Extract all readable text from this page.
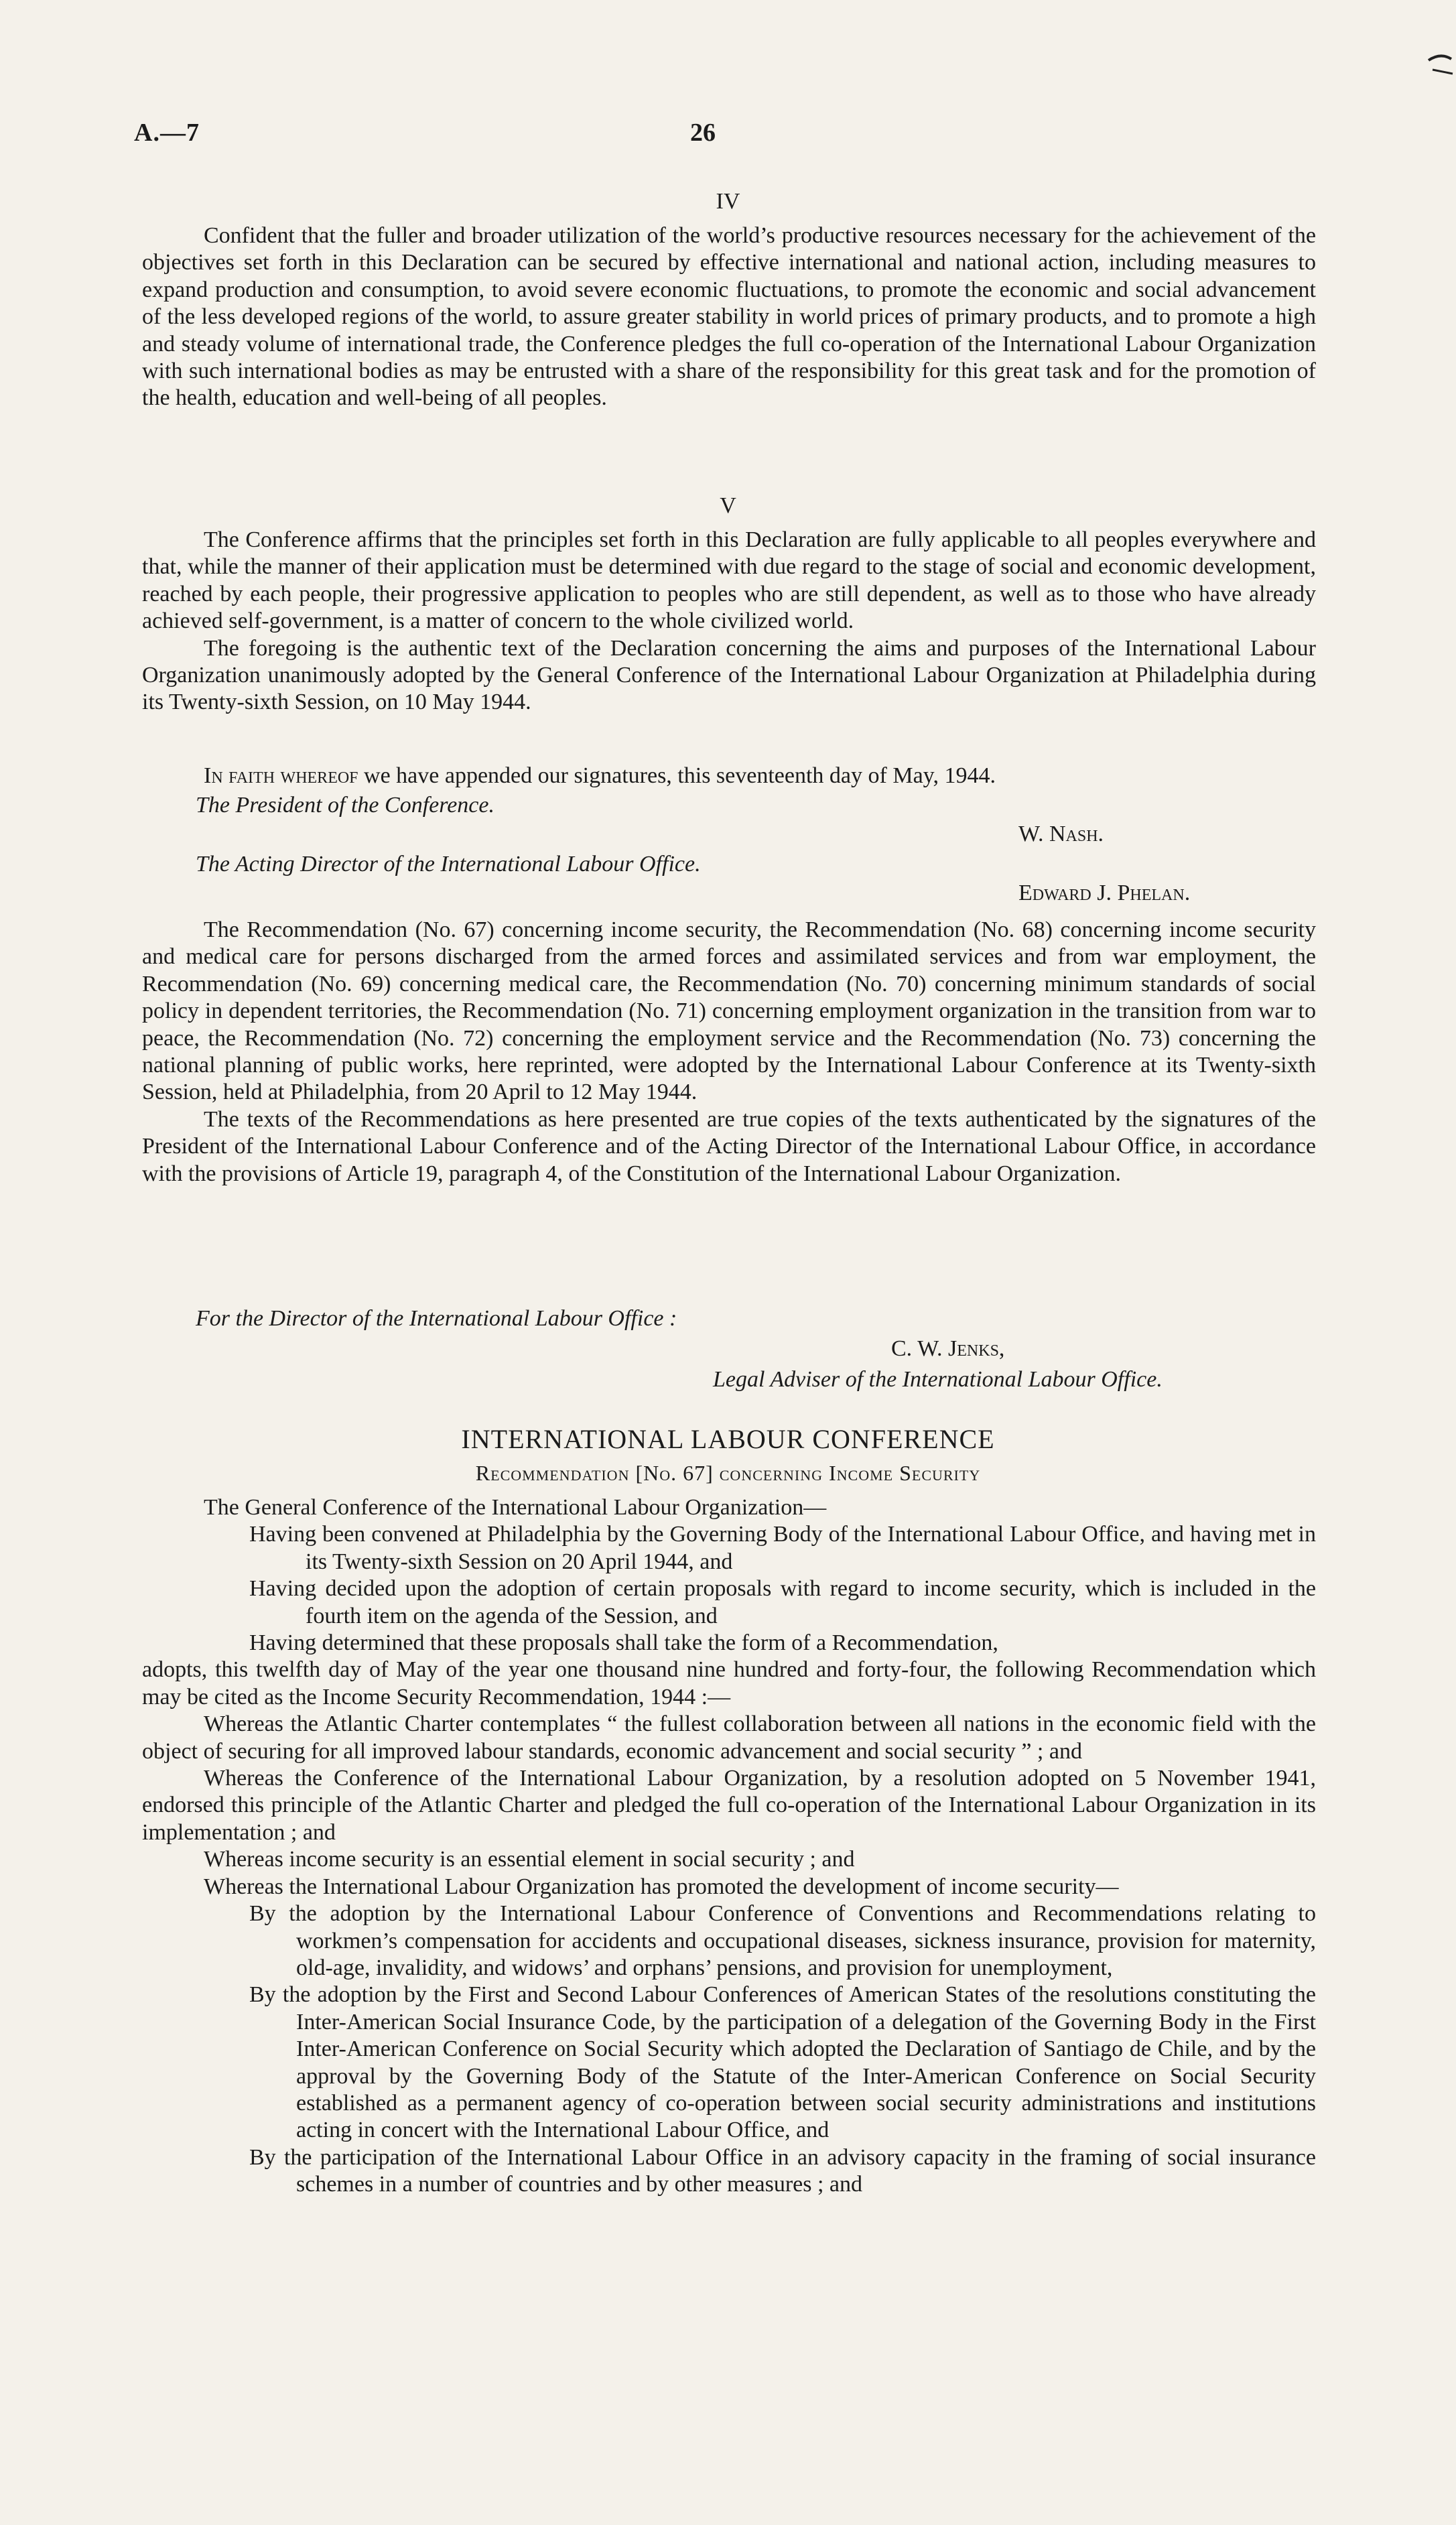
A.—7	26
IV

Confident that the fuller and broader utilization of the world’s productive resources necessary for the achievement of the objectives set forth in this Declaration can be secured by effective international and national action, including measures to expand production and consumption, to avoid severe economic fluctuations, to promote the economic and social advancement of the less developed regions of the world, to assure greater stability in world prices of primary products, and to promote a high and steady volume of international trade, the Conference pledges the full co-operation of the International Labour Organization with such international bodies as may be entrusted with a share of the responsibility for this great task and for the promotion of the health, education and well-being of all peoples.

V

The Conference affirms that the principles set forth in this Declaration are fully applicable to all peoples everywhere and that, while the manner of their application must be determined with due regard to the stage of social and economic development, reached by each people, their progressive application to peoples who are still dependent, as well as to those who have already achieved self-government, is a matter of concern to the whole civilized world.

The foregoing is the authentic text of the Declaration concerning the aims and purposes of the International Labour Organization unanimously adopted by the General Conference of the International Labour Organization at Philadelphia during its Twenty-sixth Session, on 10 May 1944.

In faith whereof we have appended our signatures, this seventeenth day of May, 1944.

The President of the Conference.
W. Nash.
The Acting Director of the International Labour Office.
Edward J. Phelan.

The Recommendation (No. 67) concerning income security, the Recommendation (No. 68) concerning income security and medical care for persons discharged from the armed forces and assimilated services and from war employment, the Recommendation (No. 69) concerning medical care, the Recommendation (No. 70) concerning minimum standards of social policy in dependent territories, the Recommendation (No. 71) concerning employment organization in the transition from war to peace, the Recommendation (No. 72) concerning the employment service and the Recommendation (No. 73) concerning the national planning of public works, here reprinted, were adopted by the International Labour Conference at its Twenty-sixth Session, held at Philadelphia, from 20 April to 12 May 1944.

The texts of the Recommendations as here presented are true copies of the texts authenticated by the signatures of the President of the International Labour Conference and of the Acting Director of the International Labour Office, in accordance with the provisions of Article 19, paragraph 4, of the Constitution of the International Labour Organization.

For the Director of the International Labour Office :
C. W. Jenks,
Legal Adviser of the International Labour Office.
INTERNATIONAL LABOUR CONFERENCE
Recommendation [No. 67] concerning Income Security

The General Conference of the International Labour Organization—

Having been convened at Philadelphia by the Governing Body of the International Labour Office, and having met in its Twenty-sixth Session on 20 April 1944, and

Having decided upon the adoption of certain proposals with regard to income security, which is included in the fourth item on the agenda of the Session, and

Having determined that these proposals shall take the form of a Recommendation,

adopts, this twelfth day of May of the year one thousand nine hundred and forty-four, the following Recommendation which may be cited as the Income Security Recommendation, 1944 :—

Whereas the Atlantic Charter contemplates “ the fullest collaboration between all nations in the economic field with the object of securing for all improved labour standards, economic advancement and social security ” ; and

Whereas the Conference of the International Labour Organization, by a resolution adopted on 5 November 1941, endorsed this principle of the Atlantic Charter and pledged the full co-operation of the International Labour Organization in its implementation ; and

Whereas income security is an essential element in social security ; and

Whereas the International Labour Organization has promoted the development of income security—

By the adoption by the International Labour Conference of Conventions and Recommendations relating to workmen’s compensation for accidents and occupational diseases, sickness insurance, provision for maternity, old-age, invalidity, and widows’ and orphans’ pensions, and provision for unemployment,

By the adoption by the First and Second Labour Conferences of American States of the resolutions constituting the Inter-American Social Insurance Code, by the participation of a delegation of the Governing Body in the First Inter-American Conference on Social Security which adopted the Declaration of Santiago de Chile, and by the approval by the Governing Body of the Statute of the Inter-American Conference on Social Security established as a permanent agency of co-operation between social security administrations and institutions acting in concert with the International Labour Office, and

By the participation of the International Labour Office in an advisory capacity in the framing of social insurance schemes in a number of countries and by other measures ; and
